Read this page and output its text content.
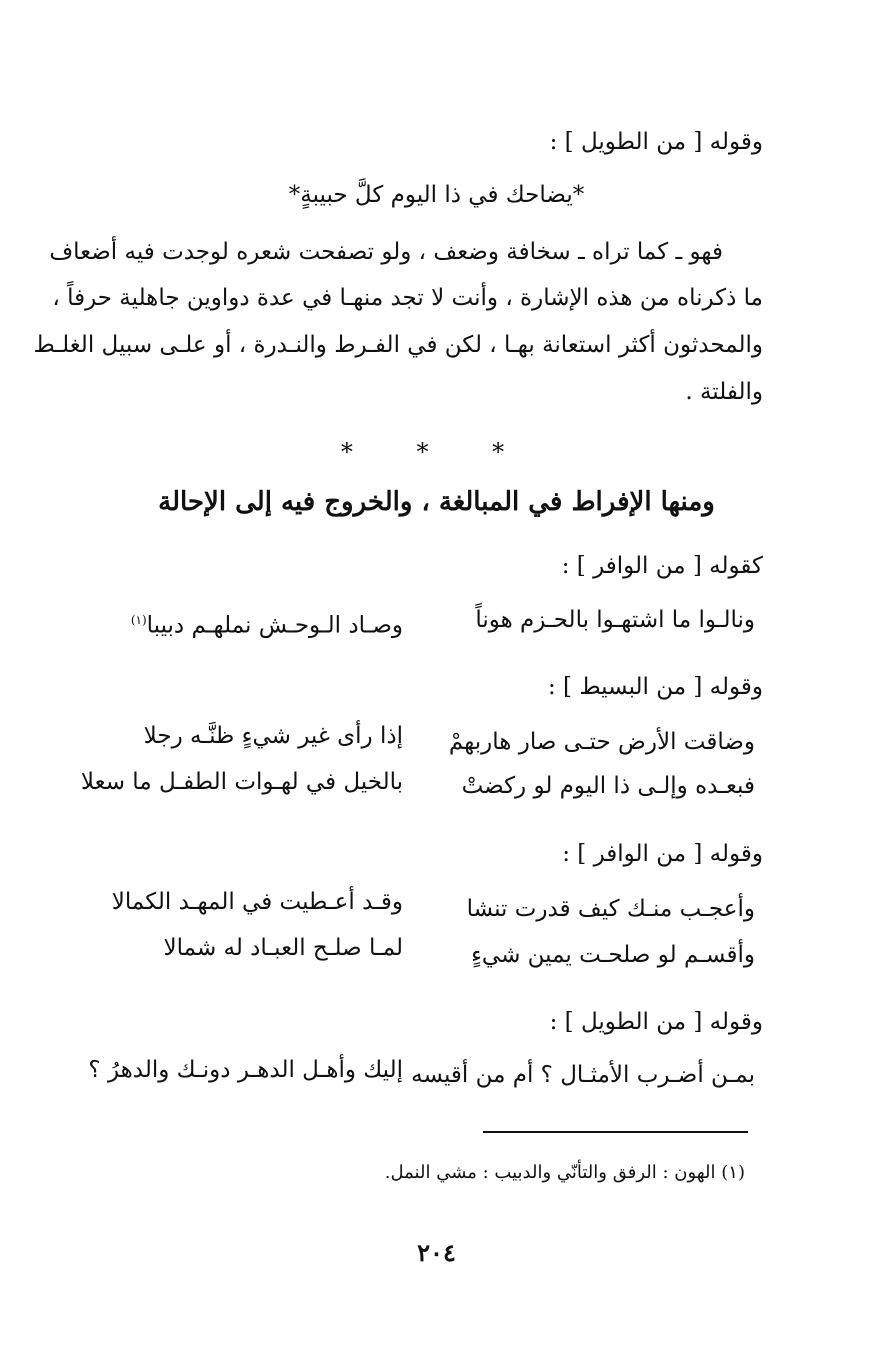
وقوله [ من الطويل ] :
*يضاحك في ذا اليوم كلَّ حبيبةٍ*
فهو ـ كما تراه ـ سخافة وضعف ، ولو تصفحت شعره لوجدت فيه أضعاف
ما ذكرناه من هذه الإشارة ، وأنت لا تجد منهـا في عدة دواوين جاهلية حرفاً ،
والمحدثون أكثر استعانة بهـا ، لكن في الفـرط والنـدرة ، أو علـى سبيل الغلـط
والفلتة .
* * *
ومنها الإفراط في المبالغة ، والخروج فيه إلى الإحالة
كقوله [ من الوافر ] :
ونالـوا ما اشتهـوا بالحـزم هوناً
وصـاد الـوحـش نملهـم دبيبا$^{(١)}$
وقوله [ من البسيط ] :
وضاقت الأرض حتـى صار هاربهمْ
إذا رأى غير شيءٍ ظنَّـه رجلا
فبعـده وإلـى ذا اليوم لو ركضتْ
بالخيل في لهـوات الطفـل ما سعلا
وقوله [ من الوافر ] :
وأعجـب منـك كيف قدرت تنشا
وقـد أعـطيت في المهـد الكمالا
وأقسـم لو صلحـت يمين شيءٍ
لمـا صلـح العبـاد له شمالا
وقوله [ من الطويل ] :
بمـن أضـرب الأمثـال ؟ أم من أقيسه
إليك وأهـل الدهـر دونـك والدهرُ ؟
(١) الهون : الرفق والتأنّي والدبيب : مشي النمل.
٢٠٤
